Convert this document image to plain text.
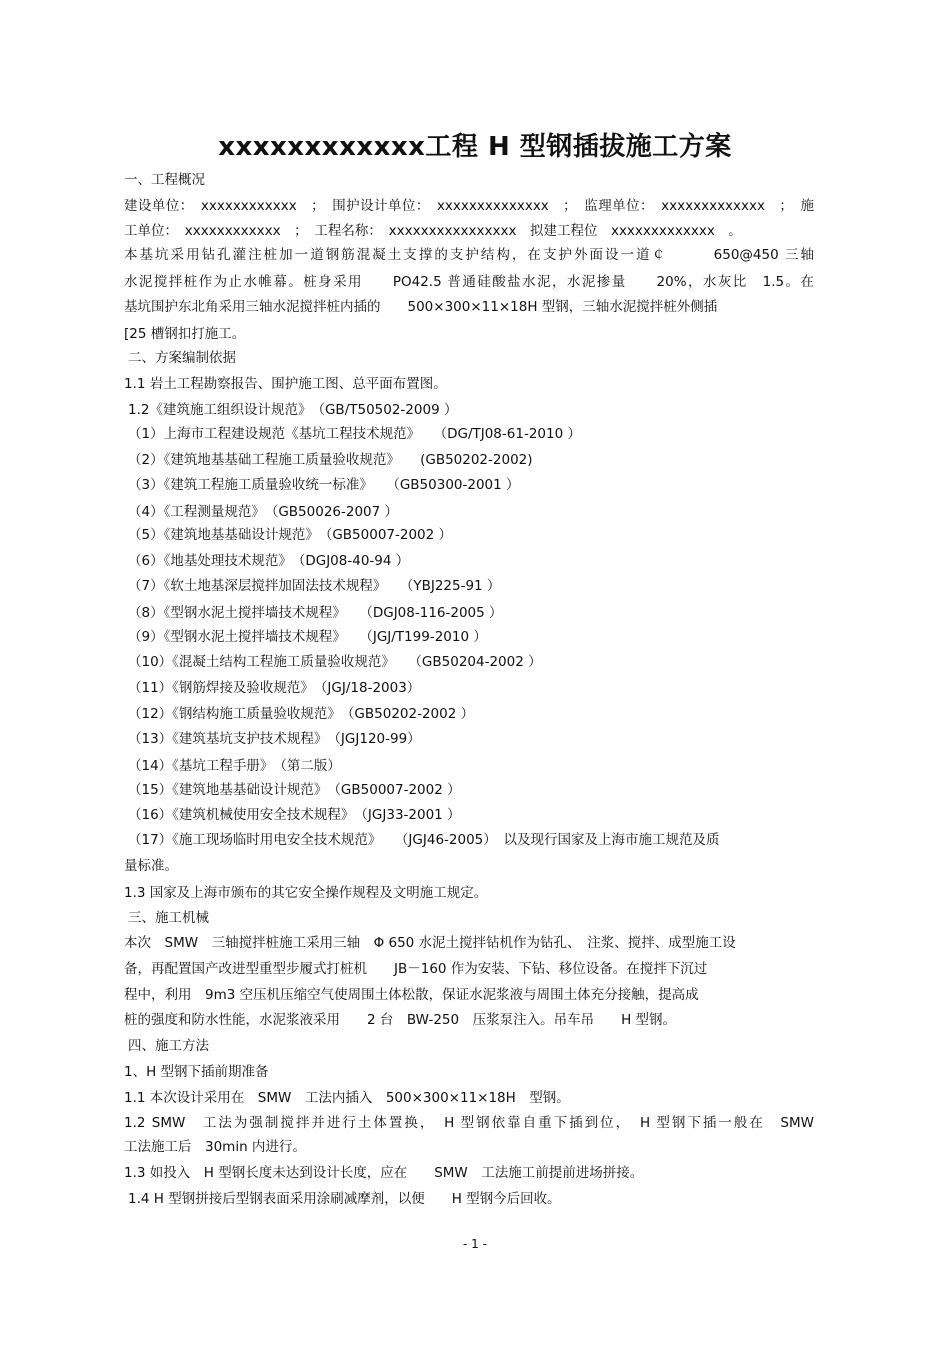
xxxxxxxxxxxx工程 H 型钢插拔施工方案
一、工程概况
建设单位：　xxxxxxxxxxxx　；　围护设计单位：　xxxxxxxxxxxxxx　；　监理单位：　xxxxxxxxxxxxx　；　施
工单位：　xxxxxxxxxxxx　；　工程名称：　xxxxxxxxxxxxxxxx　拟建工程位　xxxxxxxxxxxxx　。
本基坑采用钻孔灌注桩加一道钢筋混凝土支撑的支护结构，在支护外面设一道￠　　　650@450 三轴
水泥搅拌桩作为止水帷幕。桩身采用　　PO42.5 普通硅酸盐水泥，水泥掺量　　20%，水灰比　1.5。在
基坑围护东北角采用三轴水泥搅拌桩内插的　　500×300×11×18H 型钢，三轴水泥搅拌桩外侧插
[25 槽钢扣打施工。
二、方案编制依据
1.1 岩土工程勘察报告、围护施工图、总平面布置图。
1.2《建筑施工组织设计规范》　（GB/T50502-2009 ）
（1）上海市工程建设规范《基坑工程技术规范》　　（DG/TJ08-61-2010 ）
（2）《建筑地基基础工程施工质量验收规范》　　(GB50202-2002)
（3）《建筑工程施工质量验收统一标准》　　（GB50300-2001 ）
（4）《工程测量规范》　（GB50026-2007 ）
（5）《建筑地基基础设计规范》　（GB50007-2002 ）
（6）《地基处理技术规范》　（DGJ08-40-94 ）
（7）《软土地基深层搅拌加固法技术规程》　　（YBJ225-91 ）
（8）《型钢水泥土搅拌墙技术规程》　　（DGJ08-116-2005 ）
（9）《型钢水泥土搅拌墙技术规程》　　（JGJ/T199-2010 ）
（10）《混凝土结构工程施工质量验收规范》　　（GB50204-2002 ）
（11）《钢筋焊接及验收规范》　（JGJ/18-2003）
（12）《钢结构施工质量验收规范》　（GB50202-2002 ）
（13）《建筑基坑支护技术规程》　（JGJ120-99）
（14）《基坑工程手册》　（第二版）
（15）《建筑地基基础设计规范》　（GB50007-2002 ）
（16）《建筑机械使用安全技术规程》　（JGJ33-2001 ）
（17）《施工现场临时用电安全技术规范》　　（JGJ46-2005）　以及现行国家及上海市施工规范及质
量标准。
1.3 国家及上海市颁布的其它安全操作规程及文明施工规定。
三、施工机械
本次　SMW　三轴搅拌桩施工采用三轴　Φ 650 水泥土搅拌钻机作为钻孔、　注浆、搅拌、成型施工设
备，再配置国产改进型重型步履式打桩机　　JB－160 作为安装、下钻、移位设备。在搅拌下沉过
程中，利用　9m3 空压机压缩空气使周围土体松散，保证水泥浆液与周围土体充分接触，提高成
桩的强度和防水性能，水泥浆液采用　　2 台　BW-250　压浆泵注入。吊车吊　　H 型钢。
四、施工方法
1、H 型钢下插前期准备
1.1 本次设计采用在　SMW　工法内插入　500×300×11×18H　型钢。
1.2 SMW　工法为强制搅拌并进行土体置换，　H 型钢依靠自重下插到位，　H 型钢下插一般在　SMW
工法施工后　30min 内进行。
1.3 如投入　H 型钢长度未达到设计长度，应在　　SMW　工法施工前提前进场拼接。
1.4 H 型钢拼接后型钢表面采用涂刷减摩剂，以便　　H 型钢今后回收。
- 1 -
